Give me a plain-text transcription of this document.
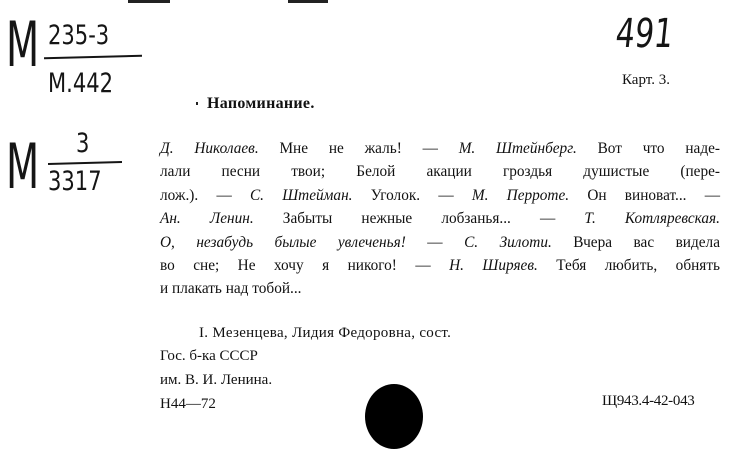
M 235-3
M.442
M 3
3317
491
Карт. 3.
Напоминание.
Д. Николаев. Мне не жаль! — М. Штейнберг. Вот что наде-
лали песни твои; Белой акации гроздья душистые (пере-
лож.). — С. Штейман. Уголок. — М. Перроте. Он виноват... —
Ан. Ленин. Забыты нежные лобзанья... — Т. Котляревская.
О, незабудь былые увлеченья! — С. Зилоти. Вчера вас видела
во сне; Не хочу я никого! — Н. Ширяев. Тебя любить, обнять
и плакать над тобой...
I. Мезенцева, Лидия Федоровна, сост.
Гос. б-ка СССР
им. В. И. Ленина.
Н44—72	Щ943.4-42-043
